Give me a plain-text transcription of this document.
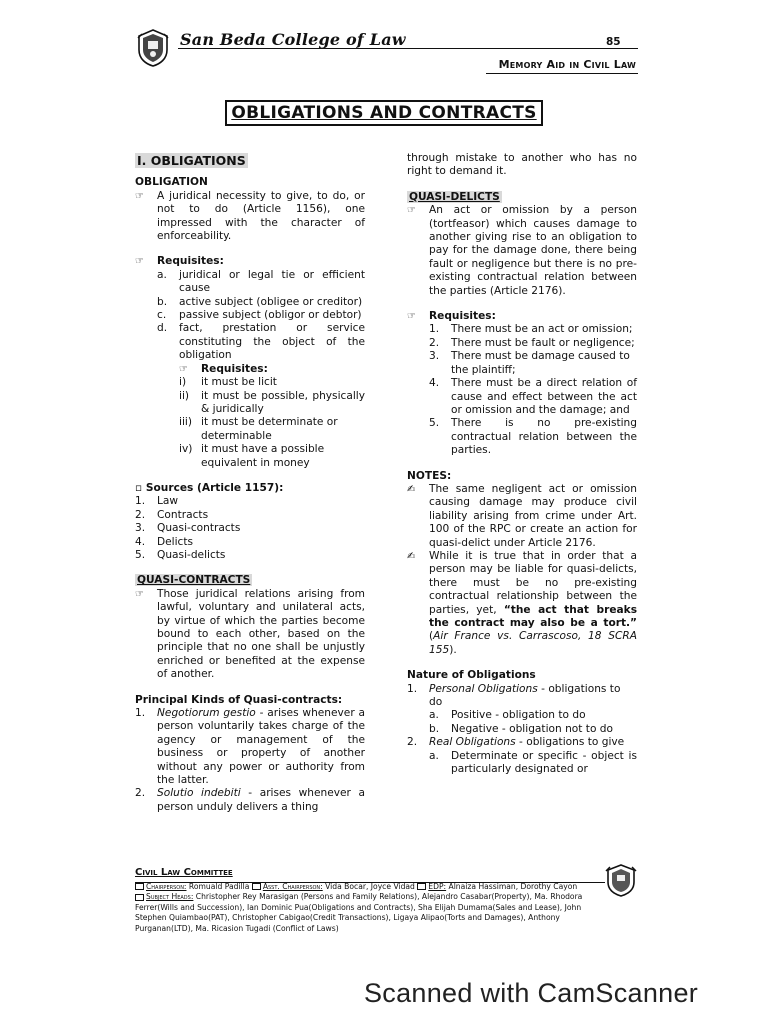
San Beda College of Law	85
Memory Aid in Civil Law
OBLIGATIONS AND CONTRACTS
I. OBLIGATIONS
OBLIGATION
☞	A juridical necessity to give, to do, or not to do (Article 1156), one impressed with the character of enforceability.
☞	Requisites:
a.	juridical or legal tie or efficient cause
b.	active subject (obligee or creditor)
c.	passive subject (obligor or debtor)
d.	fact, prestation or service constituting the object of the obligation
☞	Requisites:
i)	it must be licit
ii)	it must be possible, physically & juridically
iii) it must be determinate or determinable
iv) it must have a possible equivalent in money
▫ Sources (Article 1157):
1.	Law
2.	Contracts
3.	Quasi-contracts
4.	Delicts
5.	Quasi-delicts
QUASI-CONTRACTS
☞	Those juridical relations arising from lawful, voluntary and unilateral acts, by virtue of which the parties become bound to each other, based on the principle that no one shall be unjustly enriched or benefited at the expense of another.
Principal Kinds of Quasi-contracts:
1.	Negotiorum gestio - arises whenever a person voluntarily takes charge of the agency or management of the business or property of another without any power or authority from the latter.
2.	Solutio indebiti - arises whenever a person unduly delivers a thing
through mistake to another who has no right to demand it.
QUASI-DELICTS
☞	An act or omission by a person (tortfeasor) which causes damage to another giving rise to an obligation to pay for the damage done, there being fault or negligence but there is no pre-existing contractual relation between the parties (Article 2176).
☞	Requisites:
1.	There must be an act or omission;
2.	There must be fault or negligence;
3.	There must be damage caused to the plaintiff;
4.	There must be a direct relation of cause and effect between the act or omission and the damage; and
5.	There is no pre-existing contractual relation between the parties.
NOTES:
✍	The same negligent act or omission causing damage may produce civil liability arising from crime under Art. 100 of the RPC or create an action for quasi-delict under Article 2176.
✍	While it is true that in order that a person may be liable for quasi-delicts, there must be no pre-existing contractual relationship between the parties, yet, “the act that breaks the contract may also be a tort.” (Air France vs. Carrascoso, 18 SCRA 155).
Nature of Obligations
1.	Personal Obligations - obligations to do
a.	Positive - obligation to do
b.	Negative - obligation not to do
2.	Real Obligations - obligations to give
a.	Determinate or specific - object is particularly designated or
Civil Law Committee
Chairperson: Romuald Padilla Asst. Chairperson: Vida Bocar, Joyce Vidad EDP: Alnaiza Hassiman, Dorothy Cayon
Subject Heads: Christopher Rey Marasigan (Persons and Family Relations), Alejandro Casabar(Property), Ma. Rhodora Ferrer(Wills and Succession), Ian Dominic Pua(Obligations and Contracts), Sha Elijah Dumama(Sales and Lease), John Stephen Quiambao(PAT), Christopher Cabigao(Credit Transactions), Ligaya Alipao(Torts and Damages), Anthony Purganan(LTD), Ma. Ricasion Tugadi (Conflict of Laws)
Scanned with CamScanner
